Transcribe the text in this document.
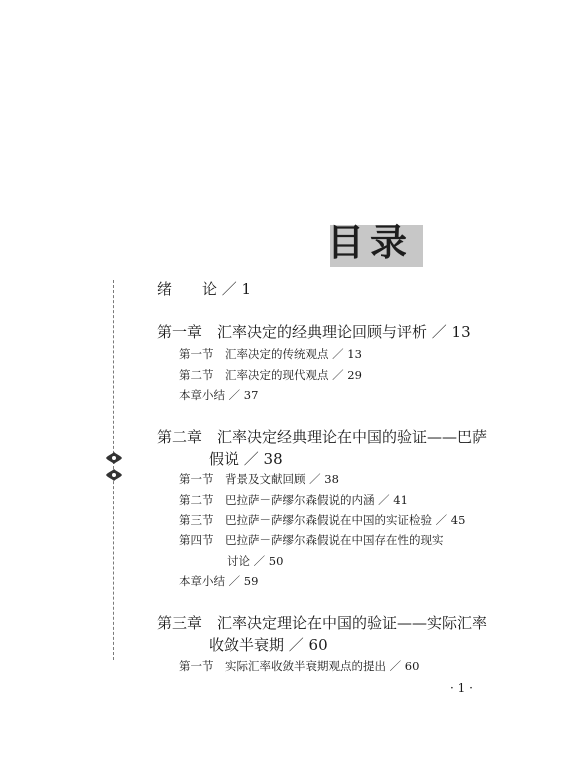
目录
绪　　论 ／ 1
第一章　汇率决定的经典理论回顾与评析 ／ 13
第一节　汇率决定的传统观点 ／ 13
第二节　汇率决定的现代观点 ／ 29
本章小结 ／ 37
第二章　汇率决定经典理论在中国的验证——巴萨
假说 ／ 38
第一节　背景及文献回顾 ／ 38
第二节　巴拉萨－萨缪尔森假说的内涵 ／ 41
第三节　巴拉萨－萨缪尔森假说在中国的实证检验 ／ 45
第四节　巴拉萨－萨缪尔森假说在中国存在性的现实
讨论 ／ 50
本章小结 ／ 59
第三章　汇率决定理论在中国的验证——实际汇率
收敛半衰期 ／ 60
第一节　实际汇率收敛半衰期观点的提出 ／ 60
· 1 ·
